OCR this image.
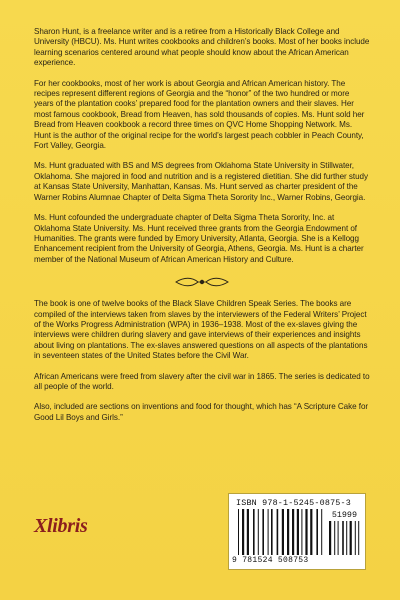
Sharon Hunt, is a freelance writer and is a retiree from a Historically Black College and University (HBCU). Ms. Hunt writes cookbooks and children’s books. Most of her books include learning scenarios centered around what people should know about the African American experience.

For her cookbooks, most of her work is about Georgia and African American history. The recipes represent different regions of Georgia and the “honor” of the two hundred or more years of the plantation cooks’ prepared food for the plantation owners and their slaves. Her most famous cookbook, Bread from Heaven, has sold thousands of copies. Ms. Hunt sold her Bread from Heaven cookbook a record three times on QVC Home Shopping Network. Ms. Hunt is the author of the original recipe for the world’s largest peach cobbler in Peach County, Fort Valley, Georgia.

Ms. Hunt graduated with BS and MS degrees from Oklahoma State University in Stillwater, Oklahoma. She majored in food and nutrition and is a registered dietitian. She did further study at Kansas State University, Manhattan, Kansas. Ms. Hunt served as charter president of the Warner Robins Alumnae Chapter of Delta Sigma Theta Sorority Inc., Warner Robins, Georgia.

Ms. Hunt cofounded the undergraduate chapter of Delta Sigma Theta Sorority, Inc. at Oklahoma State University. Ms. Hunt received three grants from the Georgia Endowment of Humanities. The grants were funded by Emory University, Atlanta, Georgia. She is a Kellogg Enhancement recipient from the University of Georgia, Athens, Georgia. Ms. Hunt is a charter member of the National Museum of African American History and Culture.

The book is one of twelve books of the Black Slave Children Speak Series. The books are compiled of the interviews taken from slaves by the interviewers of the Federal Writers’ Project of the Works Progress Administration (WPA) in 1936–1938. Most of the ex-slaves giving the interviews were children during slavery and gave interviews of their experiences and insights about living on plantations. The ex-slaves answered questions on all aspects of the plantations in seventeen states of the United States before the Civil War.

African Americans were freed from slavery after the civil war in 1865. The series is dedicated to all people of the world.

Also, included are sections on inventions and food for thought, which has “A Scripture Cake for Good Lil Boys and Girls.”

Xlibris
ISBN 978-1-5245-0875-3
51999
9 781524 508753
